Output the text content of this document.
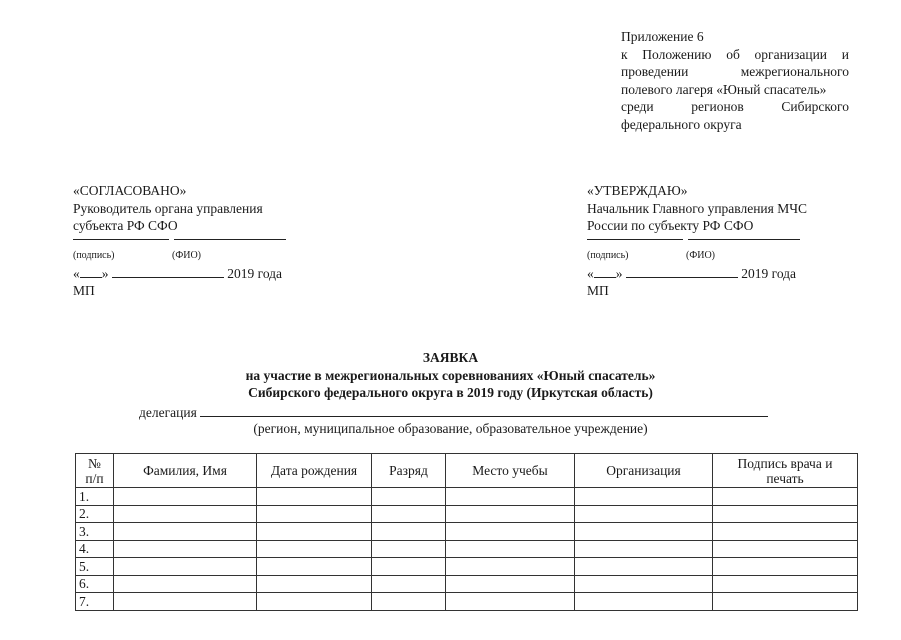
Приложение 6
к Положению об организации и
проведении	межрегионального
полевого лагеря «Юный спасатель»
среди	регионов	Сибирского
федерального округа
«СОГЛАСОВАНО»
Руководитель органа управления
субъекта РФ СФО
(подпись)	(ФИО)
« »	2019 года
МП
«УТВЕРЖДАЮ»
Начальник Главного управления МЧС
России по субъекту РФ СФО
(подпись)	(ФИО)
« »	2019 года
МП
ЗАЯВКА
на участие в межрегиональных соревнованиях «Юный спасатель»
Сибирского федерального округа в 2019 году (Иркутская область)
делегация
(регион, муниципальное образование, образовательное учреждение)
№
п/п	Фамилия, Имя	Дата рождения	Разряд	Место учебы	Организация	Подпись врача и
печать

1.						
2.						
3.						
4.						
5.						
6.						
7.						
